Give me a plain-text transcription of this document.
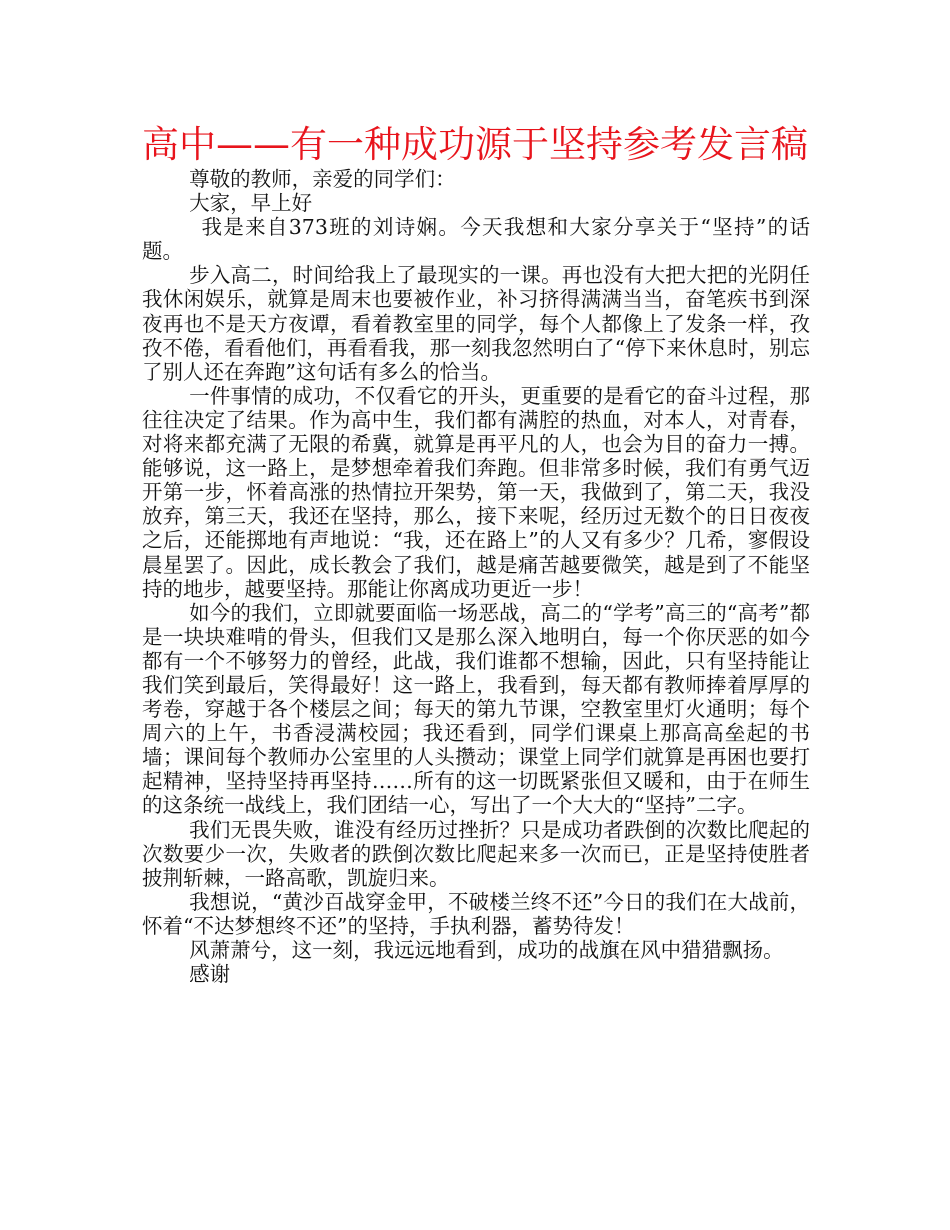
高中——有一种成功源于坚持参考发言稿

尊敬的教师，亲爱的同学们：

大家，早上好

我是来自373班的刘诗娴。今天我想和大家分享关于“坚持”的话题。

步入高二，时间给我上了最现实的一课。再也没有大把大把的光阴任我休闲娱乐，就算是周末也要被作业，补习挤得满满当当，奋笔疾书到深夜再也不是天方夜谭，看着教室里的同学，每个人都像上了发条一样，孜孜不倦，看看他们，再看看我，那一刻我忽然明白了“停下来休息时，别忘了别人还在奔跑”这句话有多么的恰当。

一件事情的成功，不仅看它的开头，更重要的是看它的奋斗过程，那往往决定了结果。作为高中生，我们都有满腔的热血，对本人，对青春，对将来都充满了无限的希冀，就算是再平凡的人，也会为目的奋力一搏。能够说，这一路上，是梦想牵着我们奔跑。但非常多时候，我们有勇气迈开第一步，怀着高涨的热情拉开架势，第一天，我做到了，第二天，我没放弃，第三天，我还在坚持，那么，接下来呢，经历过无数个的日日夜夜之后，还能掷地有声地说：“我，还在路上”的人又有多少？几希，寥假设晨星罢了。因此，成长教会了我们，越是痛苦越要微笑，越是到了不能坚持的地步，越要坚持。那能让你离成功更近一步！

如今的我们，立即就要面临一场恶战，高二的“学考”高三的“高考”都是一块块难啃的骨头，但我们又是那么深入地明白，每一个你厌恶的如今都有一个不够努力的曾经，此战，我们谁都不想输，因此，只有坚持能让我们笑到最后，笑得最好！这一路上，我看到，每天都有教师捧着厚厚的考卷，穿越于各个楼层之间；每天的第九节课，空教室里灯火通明；每个周六的上午，书香浸满校园；我还看到，同学们课桌上那高高垒起的书墙；课间每个教师办公室里的人头攒动；课堂上同学们就算是再困也要打起精神，坚持坚持再坚持……所有的这一切既紧张但又暖和，由于在师生的这条统一战线上，我们团结一心，写出了一个大大的“坚持”二字。

我们无畏失败，谁没有经历过挫折？只是成功者跌倒的次数比爬起的次数要少一次，失败者的跌倒次数比爬起来多一次而已，正是坚持使胜者披荆斩棘，一路高歌，凯旋归来。

我想说，“黄沙百战穿金甲，不破楼兰终不还”今日的我们在大战前，怀着“不达梦想终不还”的坚持，手执利器，蓄势待发！

风萧萧兮，这一刻，我远远地看到，成功的战旗在风中猎猎飘扬。

感谢
